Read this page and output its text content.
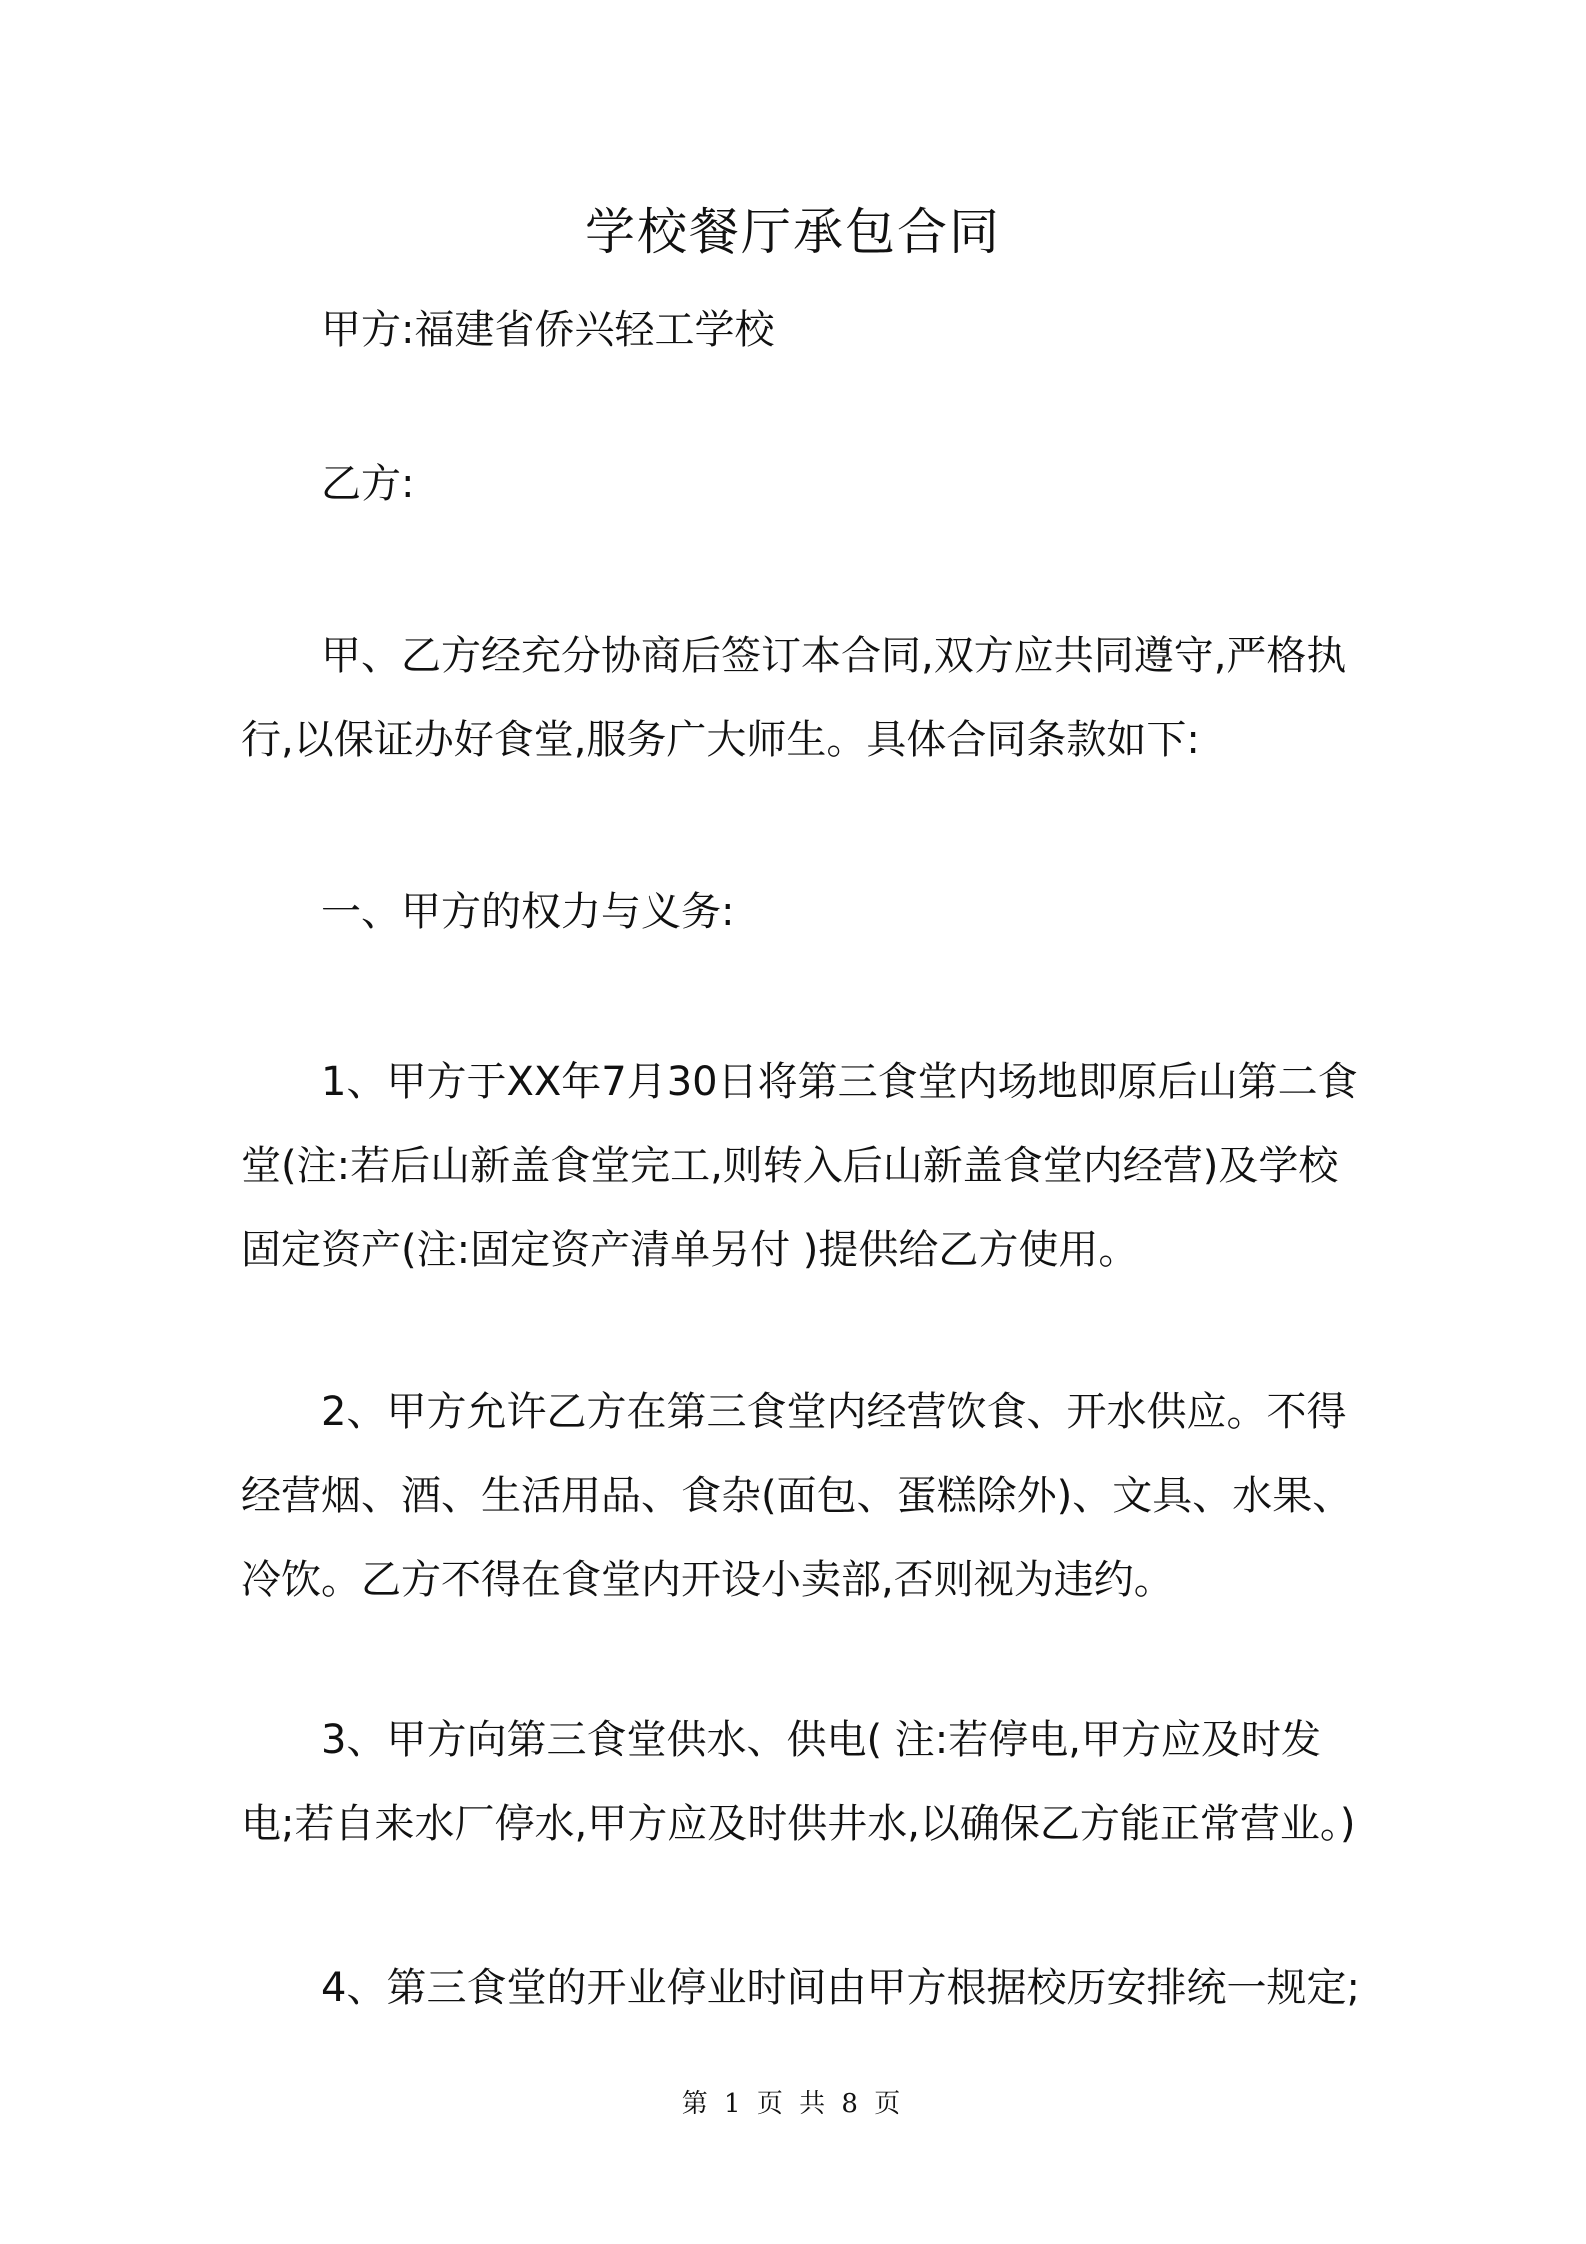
学校餐厅承包合同

甲方:福建省侨兴轻工学校

乙方:

甲、乙方经充分协商后签订本合同,双方应共同遵守,严格执行,以保证办好食堂,服务广大师生。具体合同条款如下:

一、甲方的权力与义务:

1、甲方于XX年7月30日将第三食堂内场地即原后山第二食堂(注:若后山新盖食堂完工,则转入后山新盖食堂内经营)及学校固定资产(注:固定资产清单另付 )提供给乙方使用。

2、甲方允许乙方在第三食堂内经营饮食、开水供应。不得经营烟、酒、生活用品、食杂(面包、蛋糕除外)、文具、水果、冷饮。乙方不得在食堂内开设小卖部,否则视为违约。

3、甲方向第三食堂供水、供电( 注:若停电,甲方应及时发电;若自来水厂停水,甲方应及时供井水,以确保乙方能正常营业。)

4、第三食堂的开业停业时间由甲方根据校历安排统一规定;

第 1 页 共 8 页
